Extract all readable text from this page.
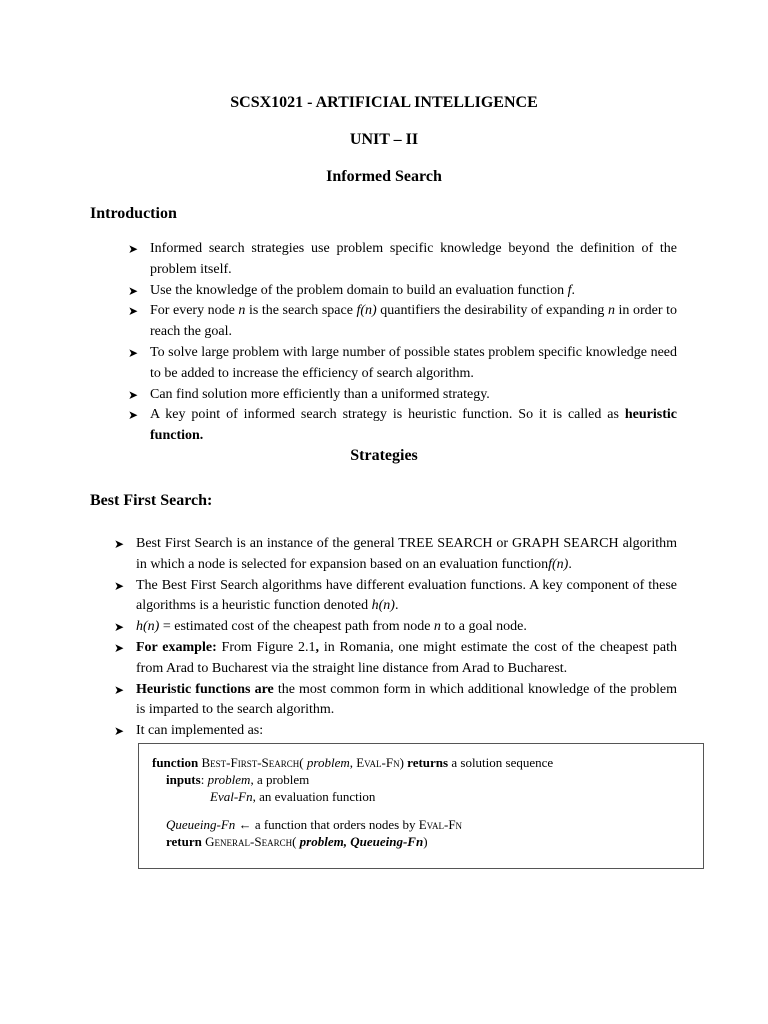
SCSX1021 - ARTIFICIAL INTELLIGENCE
UNIT – II
Informed Search
Introduction
➤ Informed search strategies use problem specific knowledge beyond the definition of the problem itself.
➤ Use the knowledge of the problem domain to build an evaluation function f.
➤ For every node n is the search space f(n) quantifiers the desirability of expanding n in order to reach the goal.
➤ To solve large problem with large number of possible states problem specific knowledge need to be added to increase the efficiency of search algorithm.
➤ Can find solution more efficiently than a uniformed strategy.
➤ A key point of informed search strategy is heuristic function. So it is called as heuristic function.
Strategies
Best First Search:
➤ Best First Search is an instance of the general TREE SEARCH or GRAPH SEARCH algorithm in which a node is selected for expansion based on an evaluation functionf(n).
➤ The Best First Search algorithms have different evaluation functions. A key component of these algorithms is a heuristic function denoted h(n).
➤ h(n) = estimated cost of the cheapest path from node n to a goal node.
➤ For example: From Figure 2.1, in Romania, one might estimate the cost of the cheapest path from Arad to Bucharest via the straight line distance from Arad to Bucharest.
➤ Heuristic functions are the most common form in which additional knowledge of the problem is imparted to the search algorithm.
➤ It can implemented as:
function Best-First-Search( problem, Eval-Fn) returns a solution sequence
inputs: problem, a problem
Eval-Fn, an evaluation function
Queueing-Fn ← a function that orders nodes by Eval-Fn
return General-Search( problem, Queueing-Fn)
